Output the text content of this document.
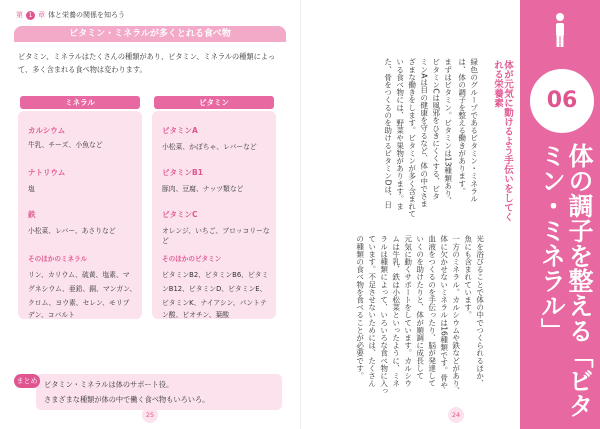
第 1 章 体と栄養の関係を知ろう
ビタミン・ミネラルが多くとれる食べ物
ビタミン、ミネラルはたくさんの種類があり、ビタミン、ミネラルの種類によって、多く含まれる食べ物は変わります。
ミネラル
カルシウム
牛乳、チーズ、小魚など
ナトリウム
塩
鉄
小松菜、レバー、あさりなど
そのほかのミネラル
リン、カリウム、硫黄、塩素、マ
グネシウム、亜鉛、銅、マンガン、
クロム、ヨウ素、セレン、モリブ
デン、コバルト
ビタミン
ビタミンA
小松菜、かぼちゃ、レバーなど
ビタミンB1
豚肉、豆腐、ナッツ類など
ビタミンC
オレンジ、いちご、ブロッコリーなど
そのほかのビタミン
ビタミンB2、ビタミンB6、ビタミ
ンB12、ビタミンD、ビタミンE、
ビタミンK、ナイアシン、パントテ
ン酸、ビオチン、葉酸
まとめ ビタミン・ミネラルは体のサポート役。
さまざまな種類が体の中で働く食べ物もいろいろ。
25
緑色のグループであるビタミン・ミネラル
は、体の調子を整える働きがあります。
まずはビタミン。ビタミンは13種類あり、
ビタミンCは風邪をひきにくくする、ビタ
ミンAは目の健康を守るなど、体の中でさま
ざまな働きをします。ビタミンが多く含まれて
いる食べ物には、野菜や果物があります。ま
た、骨をつくるのを助けるビタミンDは、日
光を浴びることで体の中でつくられるほか、
魚にも含まれています。
一方のミネラル。カルシウムや鉄などがあり、
体に欠かせないミネラルは16種類です。骨や
血液をつくるのを手伝ったり、脳が発達して
いくのを助けたりと、体が順調に成長して
元気に動くサポートをしています。カルシウ
ムは牛乳、鉄は小松菜といったように、ミネ
ラルは種類によって、いろいろな食べ物に入っ
ています。不足させないためには、たくさん
の種類の食べ物を食べることが必要です。
体が元気に動けるよう手伝いをしてくれる栄養素	06
体の調子を整える「ビタミン・ミネラル」
24
